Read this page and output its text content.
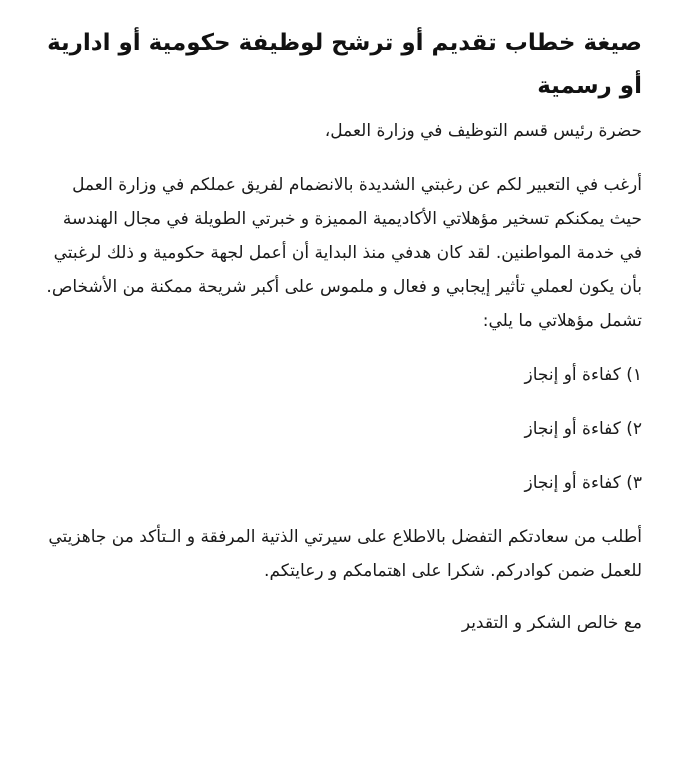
صيغة خطاب تقديم أو ترشح لوظيفة حكومية أو ادارية أو رسمية

حضرة رئيس قسم التوظيف في وزارة العمل،

أرغب في التعبير لكم عن رغبتي الشديدة بالانضمام لفريق عملكم في وزارة العمل حيث يمكنكم تسخير مؤهلاتي الأكاديمية المميزة و خبرتي الطويلة في مجال الهندسة في خدمة المواطنين. لقد كان هدفي منذ البداية أن أعمل لجهة حكومية و ذلك لرغبتي بأن يكون لعملي تأثير إيجابي و فعال و ملموس على أكبر شريحة ممكنة من الأشخاص.

تشمل مؤهلاتي ما يلي:

١) كفاءة أو إنجاز
٢) كفاءة أو إنجاز
٣) كفاءة أو إنجاز

أطلب من سعادتكم التفضل بالاطلاع على سيرتي الذتية المرفقة و الـتأكد من جاهزيتي للعمل ضمن كوادركم. شكرا على اهتمامكم و رعايتكم.

مع خالص الشكر و التقدير
